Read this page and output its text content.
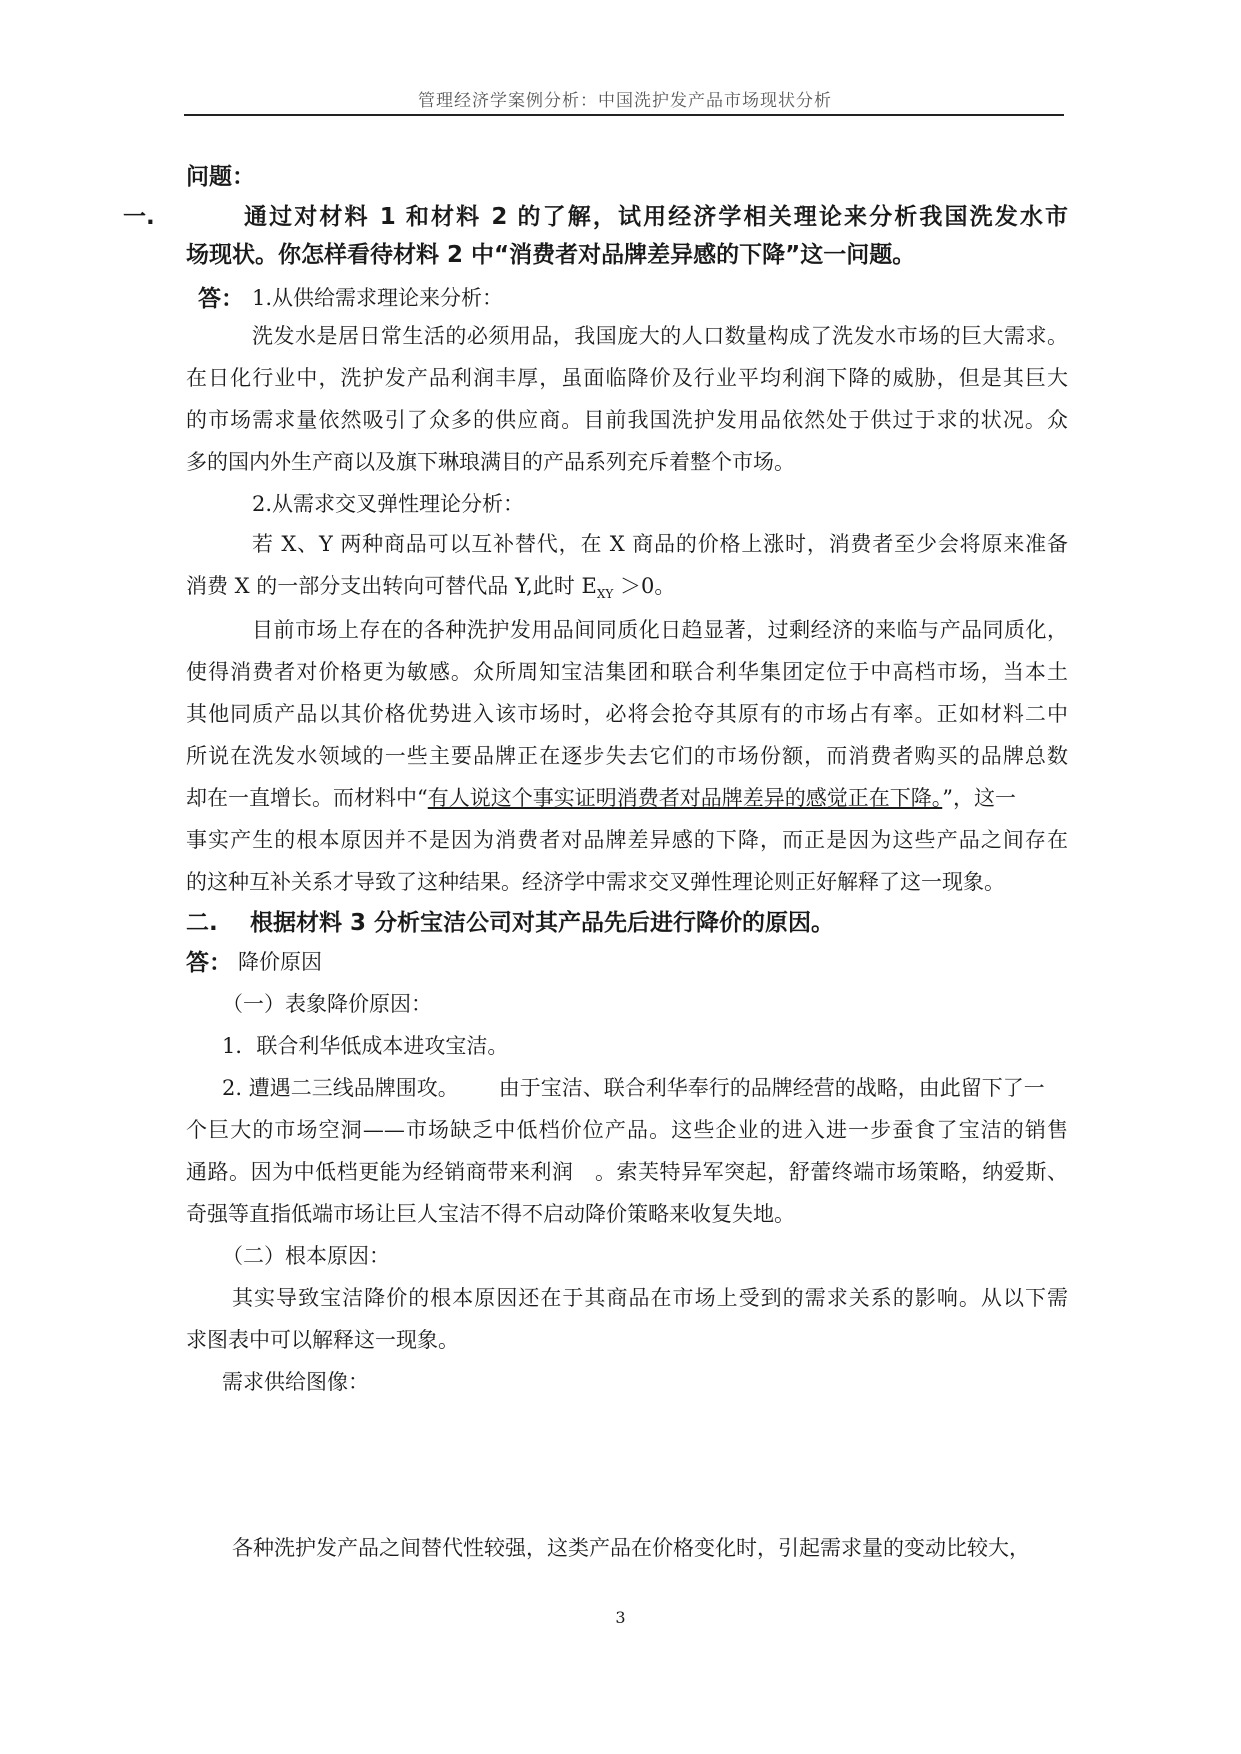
管理经济学案例分析：中国洗护发产品市场现状分析
问题：
一.	通过对材料 1 和材料 2 的了解，试用经济学相关理论来分析我国洗发水市
场现状。你怎样看待材料 2 中“消费者对品牌差异感的下降”这一问题。
答： 1.从供给需求理论来分析：
洗发水是居日常生活的必须用品，我国庞大的人口数量构成了洗发水市场的巨大需求。
在日化行业中，洗护发产品利润丰厚，虽面临降价及行业平均利润下降的威胁，但是其巨大
的市场需求量依然吸引了众多的供应商。目前我国洗护发用品依然处于供过于求的状况。众
多的国内外生产商以及旗下琳琅满目的产品系列充斥着整个市场。
2.从需求交叉弹性理论分析：
若 X、Y 两种商品可以互补替代，在 X 商品的价格上涨时，消费者至少会将原来准备
消费 X 的一部分支出转向可替代品 Y,此时 $E_{XY} >0$。
目前市场上存在的各种洗护发用品间同质化日趋显著，过剩经济的来临与产品同质化，
使得消费者对价格更为敏感。众所周知宝洁集团和联合利华集团定位于中高档市场，当本土
其他同质产品以其价格优势进入该市场时，必将会抢夺其原有的市场占有率。正如材料二中
所说在洗发水领域的一些主要品牌正在逐步失去它们的市场份额，而消费者购买的品牌总数
却在一直增长。而材料中“有人说这个事实证明消费者对品牌差异的感觉正在下降。”，这一
事实产生的根本原因并不是因为消费者对品牌差异感的下降，而正是因为这些产品之间存在
的这种互补关系才导致了这种结果。经济学中需求交叉弹性理论则正好解释了这一现象。
二. 根据材料 3 分析宝洁公司对其产品先后进行降价的原因。
答： 降价原因
（一）表象降价原因：
1．联合利华低成本进攻宝洁。
2. 遭遇二三线品牌围攻。 由于宝洁、联合利华奉行的品牌经营的战略，由此留下了一
个巨大的市场空洞——市场缺乏中低档价位产品。这些企业的进入进一步蚕食了宝洁的销售
通路。因为中低档更能为经销商带来利润　。索芙特异军突起，舒蕾终端市场策略，纳爱斯、
奇强等直指低端市场让巨人宝洁不得不启动降价策略来收复失地。
（二）根本原因：
其实导致宝洁降价的根本原因还在于其商品在市场上受到的需求关系的影响。从以下需
求图表中可以解释这一现象。
需求供给图像：
各种洗护发产品之间替代性较强，这类产品在价格变化时，引起需求量的变动比较大，
3
